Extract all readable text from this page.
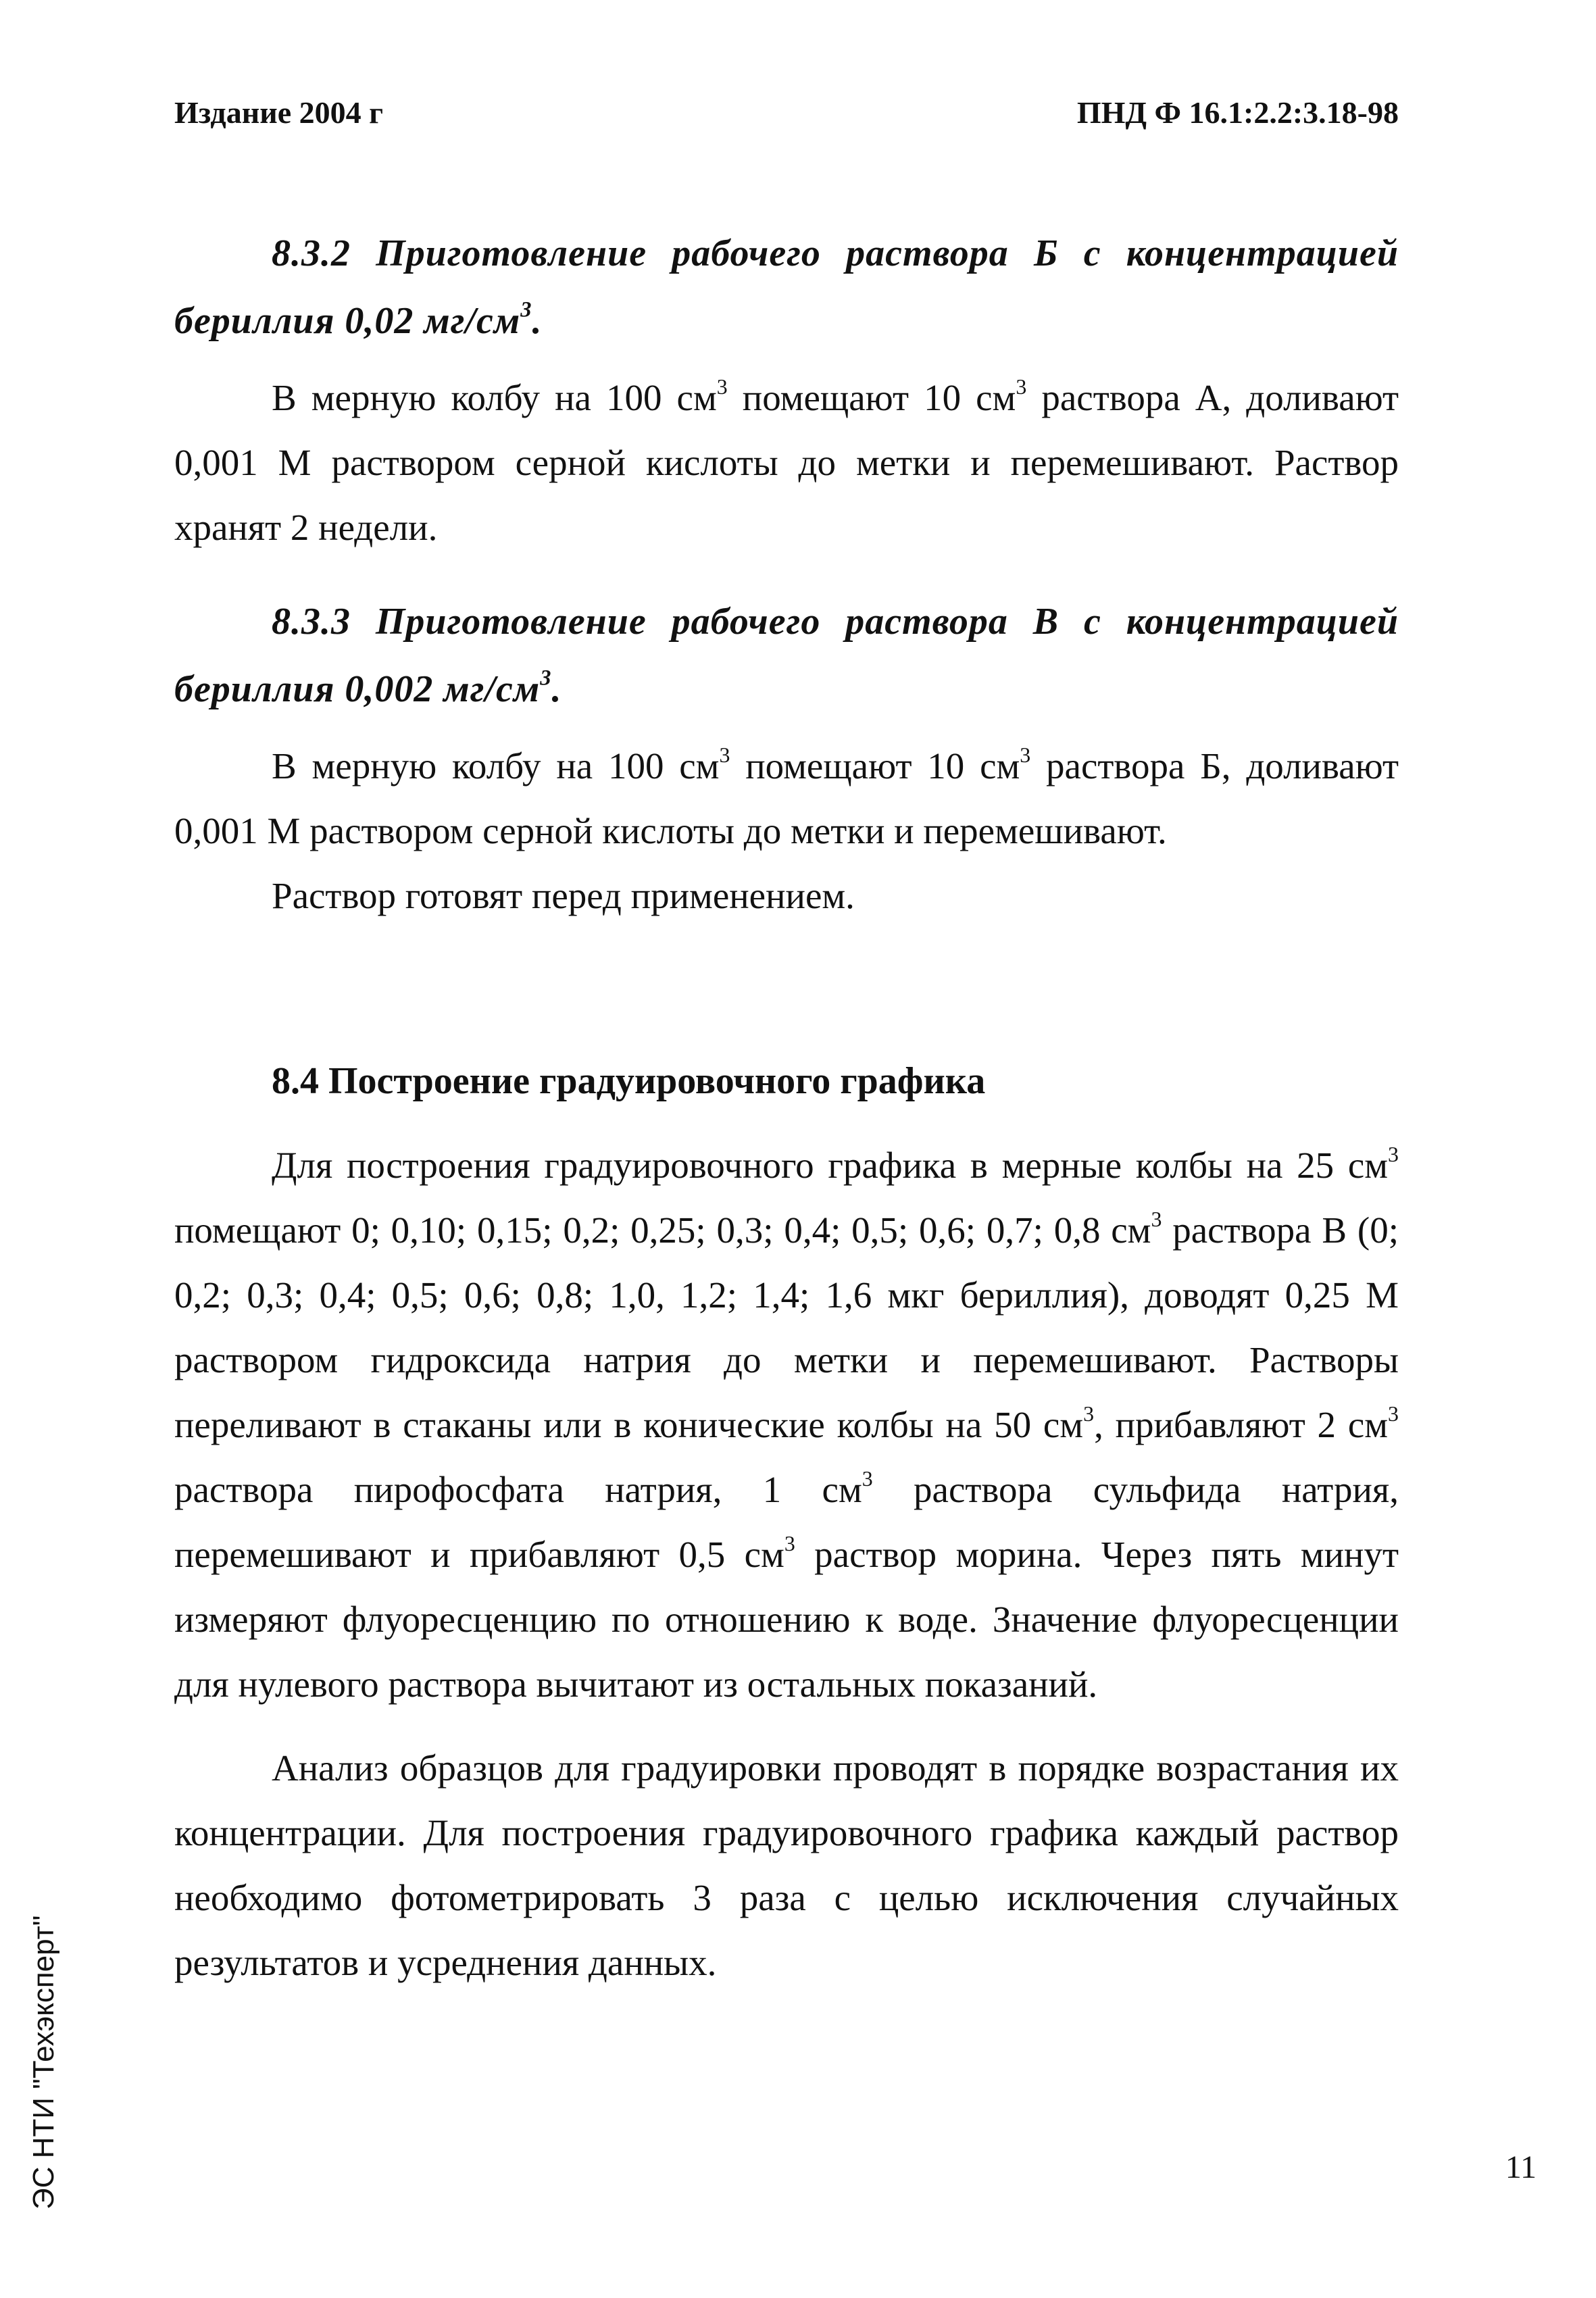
Издание 2004 г	ПНД Ф 16.1:2.2:3.18-98

8.3.2 Приготовление рабочего раствора Б с концентрацией бериллия 0,02 $мг/см^3$.

В мерную колбу на 100 $см^3$ помещают 10 $см^3$ раствора А, доливают 0,001 М раствором серной кислоты до метки и перемешивают. Раствор хранят 2 недели.

8.3.3 Приготовление рабочего раствора В с концентрацией бериллия 0,002 $мг/см^3$.

В мерную колбу на 100 $см^3$ помещают 10 $см^3$ раствора Б, доливают 0,001 М раствором серной кислоты до метки и перемешивают.

Раствор готовят перед применением.

8.4 Построение градуировочного графика

Для построения градуировочного графика в мерные колбы на 25 $см^3$ помещают 0; 0,10; 0,15; 0,2; 0,25; 0,3; 0,4; 0,5; 0,6; 0,7; 0,8 $см^3$ раствора В (0; 0,2; 0,3; 0,4; 0,5; 0,6; 0,8; 1,0, 1,2; 1,4; 1,6 мкг бериллия), доводят 0,25 М раствором гидроксида натрия до метки и перемешивают. Растворы переливают в стаканы или в конические колбы на 50 $см^3$, прибавляют 2 $см^3$ раствора пирофосфата натрия, 1 $см^3$ раствора сульфида натрия, перемешивают и прибавляют 0,5 $см^3$ раствор морина. Через пять минут измеряют флуоресценцию по отношению к воде. Значение флуоресценции для нулевого раствора вычитают из остальных показаний.

Анализ образцов для градуировки проводят в порядке возрастания их концентрации. Для построения градуировочного графика каждый раствор необходимо фотометрировать 3 раза с целью исключения случайных результатов и усреднения данных.

ЭС НТИ "Техэксперт"	11
